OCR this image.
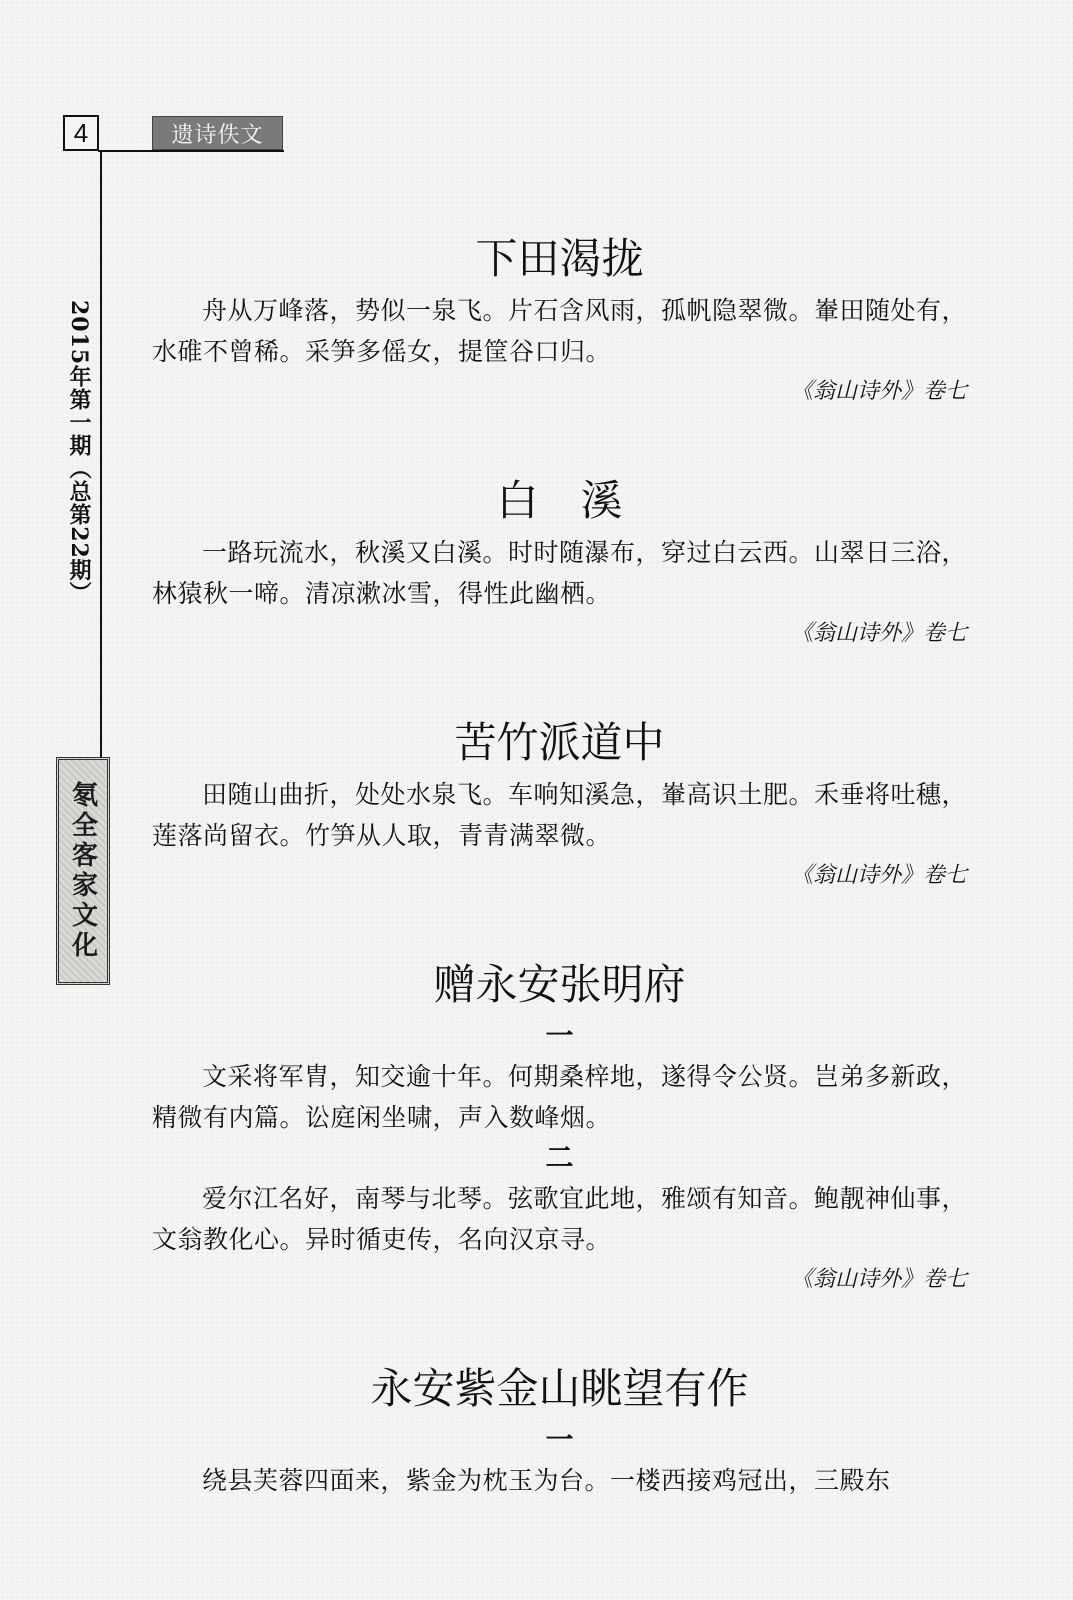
4	遗诗佚文
2015年第一期（总第22期）
氡全客家文化
下田渴拢

舟从万峰落，势似一泉飞。片石含风雨，孤帆隐翠微。輋田随处有，水碓不曾稀。采笋多傜女，提筐谷口归。

《翁山诗外》卷七
白　溪

一路玩流水，秋溪又白溪。时时随瀑布，穿过白云西。山翠日三浴，林猿秋一啼。清凉漱冰雪，得性此幽栖。

《翁山诗外》卷七
苦竹派道中

田随山曲折，处处水泉飞。车响知溪急，輋高识土肥。禾垂将吐穗，莲落尚留衣。竹笋从人取，青青满翠微。

《翁山诗外》卷七
赠永安张明府
一

文采将军胄，知交逾十年。何期桑梓地，遂得令公贤。岂弟多新政，精微有内篇。讼庭闲坐啸，声入数峰烟。

二

爱尔江名好，南琴与北琴。弦歌宜此地，雅颂有知音。鲍靓神仙事，文翁教化心。异时循吏传，名向汉京寻。

《翁山诗外》卷七
永安紫金山眺望有作
一

绕县芙蓉四面来，紫金为枕玉为台。一楼西接鸡冠出，三殿东
